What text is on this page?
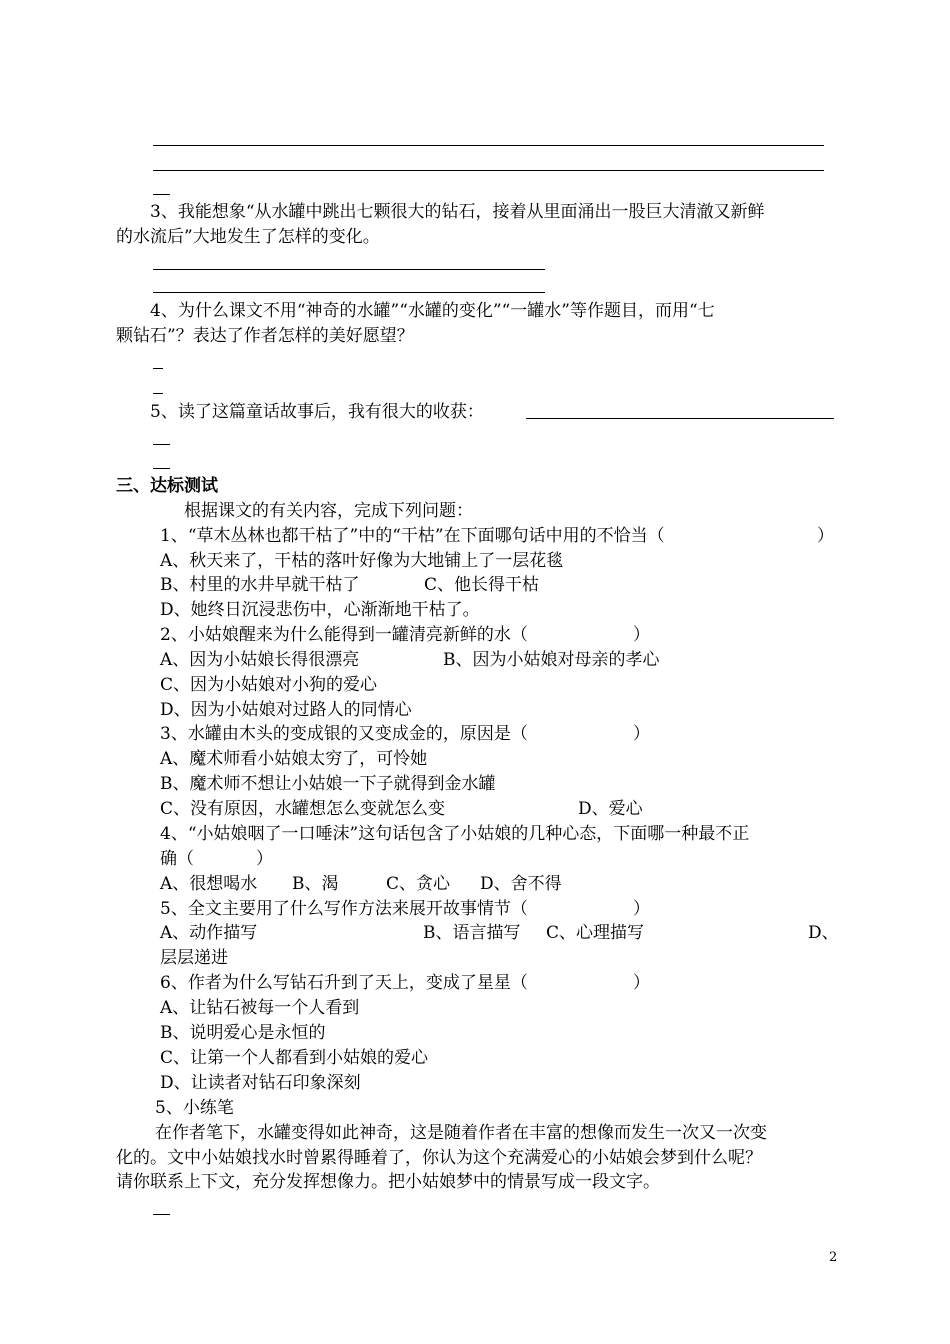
3、我能想象“从水罐中跳出七颗很大的钻石，接着从里面涌出一股巨大清澈又新鲜
的水流后”大地发生了怎样的变化。
4、为什么课文不用“神奇的水罐”“水罐的变化”“一罐水”等作题目，而用“七
颗钻石”？表达了作者怎样的美好愿望？
5、读了这篇童话故事后，我有很大的收获：
三、达标测试
根据课文的有关内容，完成下列问题：
1、“草木丛林也都干枯了”中的“干枯”在下面哪句话中用的不恰当（	）
A、秋天来了，干枯的落叶好像为大地铺上了一层花毯
B、村里的水井早就干枯了	C、他长得干枯
D、她终日沉浸悲伤中，心渐渐地干枯了。
2、小姑娘醒来为什么能得到一罐清亮新鲜的水（	）
A、因为小姑娘长得很漂亮	B、因为小姑娘对母亲的孝心
C、因为小姑娘对小狗的爱心
D、因为小姑娘对过路人的同情心
3、水罐由木头的变成银的又变成金的，原因是（	）
A、魔术师看小姑娘太穷了，可怜她
B、魔术师不想让小姑娘一下子就得到金水罐
C、没有原因，水罐想怎么变就怎么变	D、爱心
4、“小姑娘咽了一口唾沫”这句话包含了小姑娘的几种心态，下面哪一种最不正
确（	）
A、很想喝水 B、渴	C、贪心 D、舍不得
5、全文主要用了什么写作方法来展开故事情节（	）
A、动作描写	B、语言描写 C、心理描写	D、
层层递进
6、作者为什么写钻石升到了天上，变成了星星（	）
A、让钻石被每一个人看到
B、说明爱心是永恒的
C、让第一个人都看到小姑娘的爱心
D、让读者对钻石印象深刻
5、小练笔
在作者笔下，水罐变得如此神奇，这是随着作者在丰富的想像而发生一次又一次变
化的。文中小姑娘找水时曾累得睡着了，你认为这个充满爱心的小姑娘会梦到什么呢？
请你联系上下文，充分发挥想像力。把小姑娘梦中的情景写成一段文字。
2
